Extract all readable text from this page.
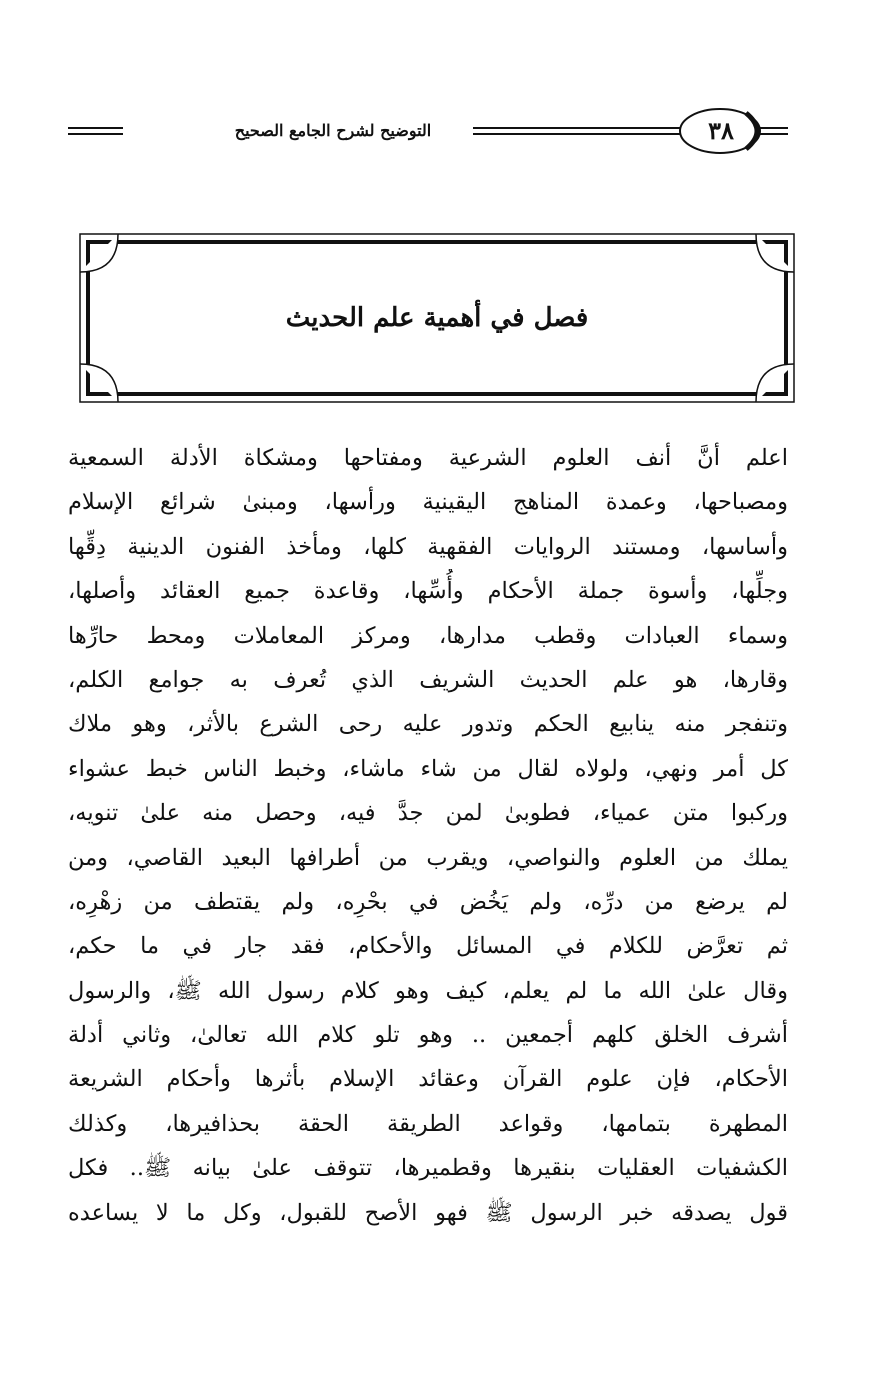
٣٨
التوضيح لشرح الجامع الصحيح
فصل في أهمية علم الحديث
اعلم أنَّ أنف العلوم الشرعية ومفتاحها ومشكاة الأدلة السمعية
ومصباحها، وعمدة المناهج اليقينية ورأسها، ومبنىٰ شرائع الإسلام
وأساسها، ومستند الروايات الفقهية كلها، ومأخذ الفنون الدينية دِقِّها
وجلِّها، وأسوة جملة الأحكام وأُسِّها، وقاعدة جميع العقائد وأصلها،
وسماء العبادات وقطب مدارها، ومركز المعاملات ومحط حارِّها
وقارها، هو علم الحديث الشريف الذي تُعرف به جوامع الكلم،
وتنفجر منه ينابيع الحكم وتدور عليه رحى الشرع بالأثر، وهو ملاك
كل أمر ونهي، ولولاه لقال من شاء ماشاء، وخبط الناس خبط عشواء
وركبوا متن عمياء، فطوبىٰ لمن جدَّ فيه، وحصل منه علىٰ تنويه،
يملك من العلوم والنواصي، ويقرب من أطرافها البعيد القاصي، ومن
لم يرضع من درِّه، ولم يَخُض في بحْرِه، ولم يقتطف من زهْرِه،
ثم تعرَّض للكلام في المسائل والأحكام، فقد جار في ما حكم،
وقال علىٰ الله ما لم يعلم، كيف وهو كلام رسول الله ﷺ، والرسول
أشرف الخلق كلهم أجمعين .. وهو تلو كلام الله تعالىٰ، وثاني أدلة
الأحكام، فإن علوم القرآن وعقائد الإسلام بأثرها وأحكام الشريعة
المطهرة بتمامها، وقواعد الطريقة الحقة بحذافيرها، وكذلك
الكشفيات العقليات بنقيرها وقطميرها، تتوقف علىٰ بيانه ﷺ.. فكل
قول يصدقه خبر الرسول ﷺ فهو الأصح للقبول، وكل ما لا يساعده
